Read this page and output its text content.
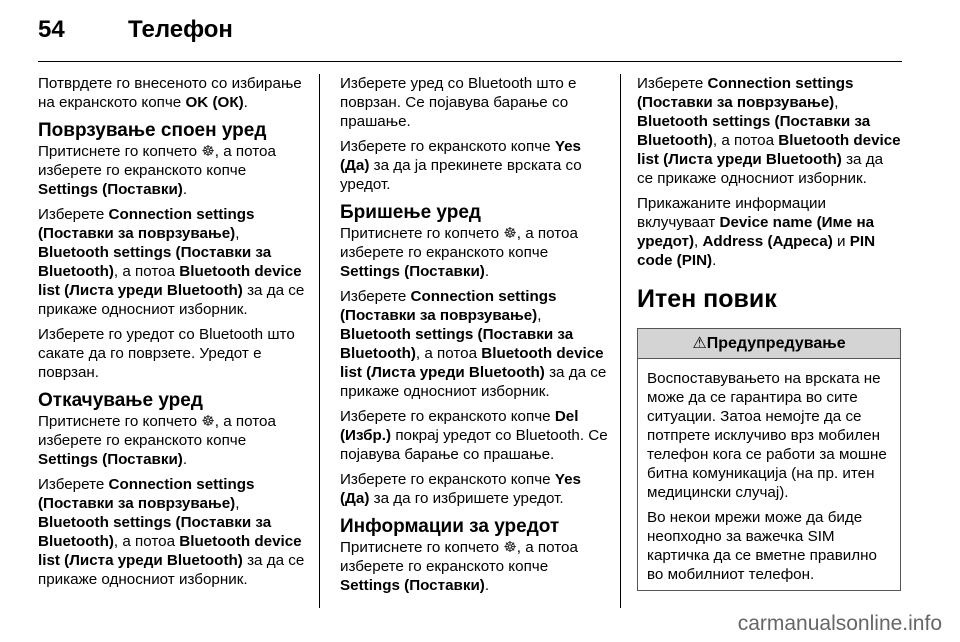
54	Телефон

Потврдете го внесеното со избирање на екранското копче OK (ОК).

Поврзување споен уред

Притиснете го копчето ☸, а потоа изберете го екранското копче Settings (Поставки).

Изберете Connection settings (Поставки за поврзување), Bluetooth settings (Поставки за Bluetooth), а потоа Bluetooth device list (Листа уреди Bluetooth) за да се прикаже односниот изборник.

Изберете го уредот со Bluetooth што сакате да го поврзете. Уредот е поврзан.

Откачување уред

Притиснете го копчето ☸, а потоа изберете го екранското копче Settings (Поставки).

Изберете Connection settings (Поставки за поврзување), Bluetooth settings (Поставки за Bluetooth), а потоа Bluetooth device list (Листа уреди Bluetooth) за да се прикаже односниот изборник.

Изберете уред со Bluetooth што е поврзан. Се појавува барање со прашање.

Изберете го екранското копче Yes (Да) за да ја прекинете врската со уредот.

Бришење уред

Притиснете го копчето ☸, а потоа изберете го екранското копче Settings (Поставки).

Изберете Connection settings (Поставки за поврзување), Bluetooth settings (Поставки за Bluetooth), а потоа Bluetooth device list (Листа уреди Bluetooth) за да се прикаже односниот изборник.

Изберете го екранското копче Del (Избр.) покрај уредот со Bluetooth. Се појавува барање со прашање.

Изберете го екранското копче Yes (Да) за да го избришете уредот.

Информации за уредот

Притиснете го копчето ☸, а потоа изберете го екранското копче Settings (Поставки).

Изберете Connection settings (Поставки за поврзување), Bluetooth settings (Поставки за Bluetooth), а потоа Bluetooth device list (Листа уреди Bluetooth) за да се прикаже односниот изборник.

Прикажаните информации вклучуваат Device name (Име на уредот), Address (Адреса) и PIN code (PIN).

Итен повик
⚠Предупредување

Воспоставувањето на врската не може да се гарантира во сите ситуации. Затоа немојте да се потпрете исклучиво врз мобилен телефон кога се работи за мошне битна комуникација (на пр. итен медицински случај).

Во некои мрежи може да биде неопходно за важечка SIM картичка да се вметне правилно во мобилниот телефон.

carmanualsonline.info
